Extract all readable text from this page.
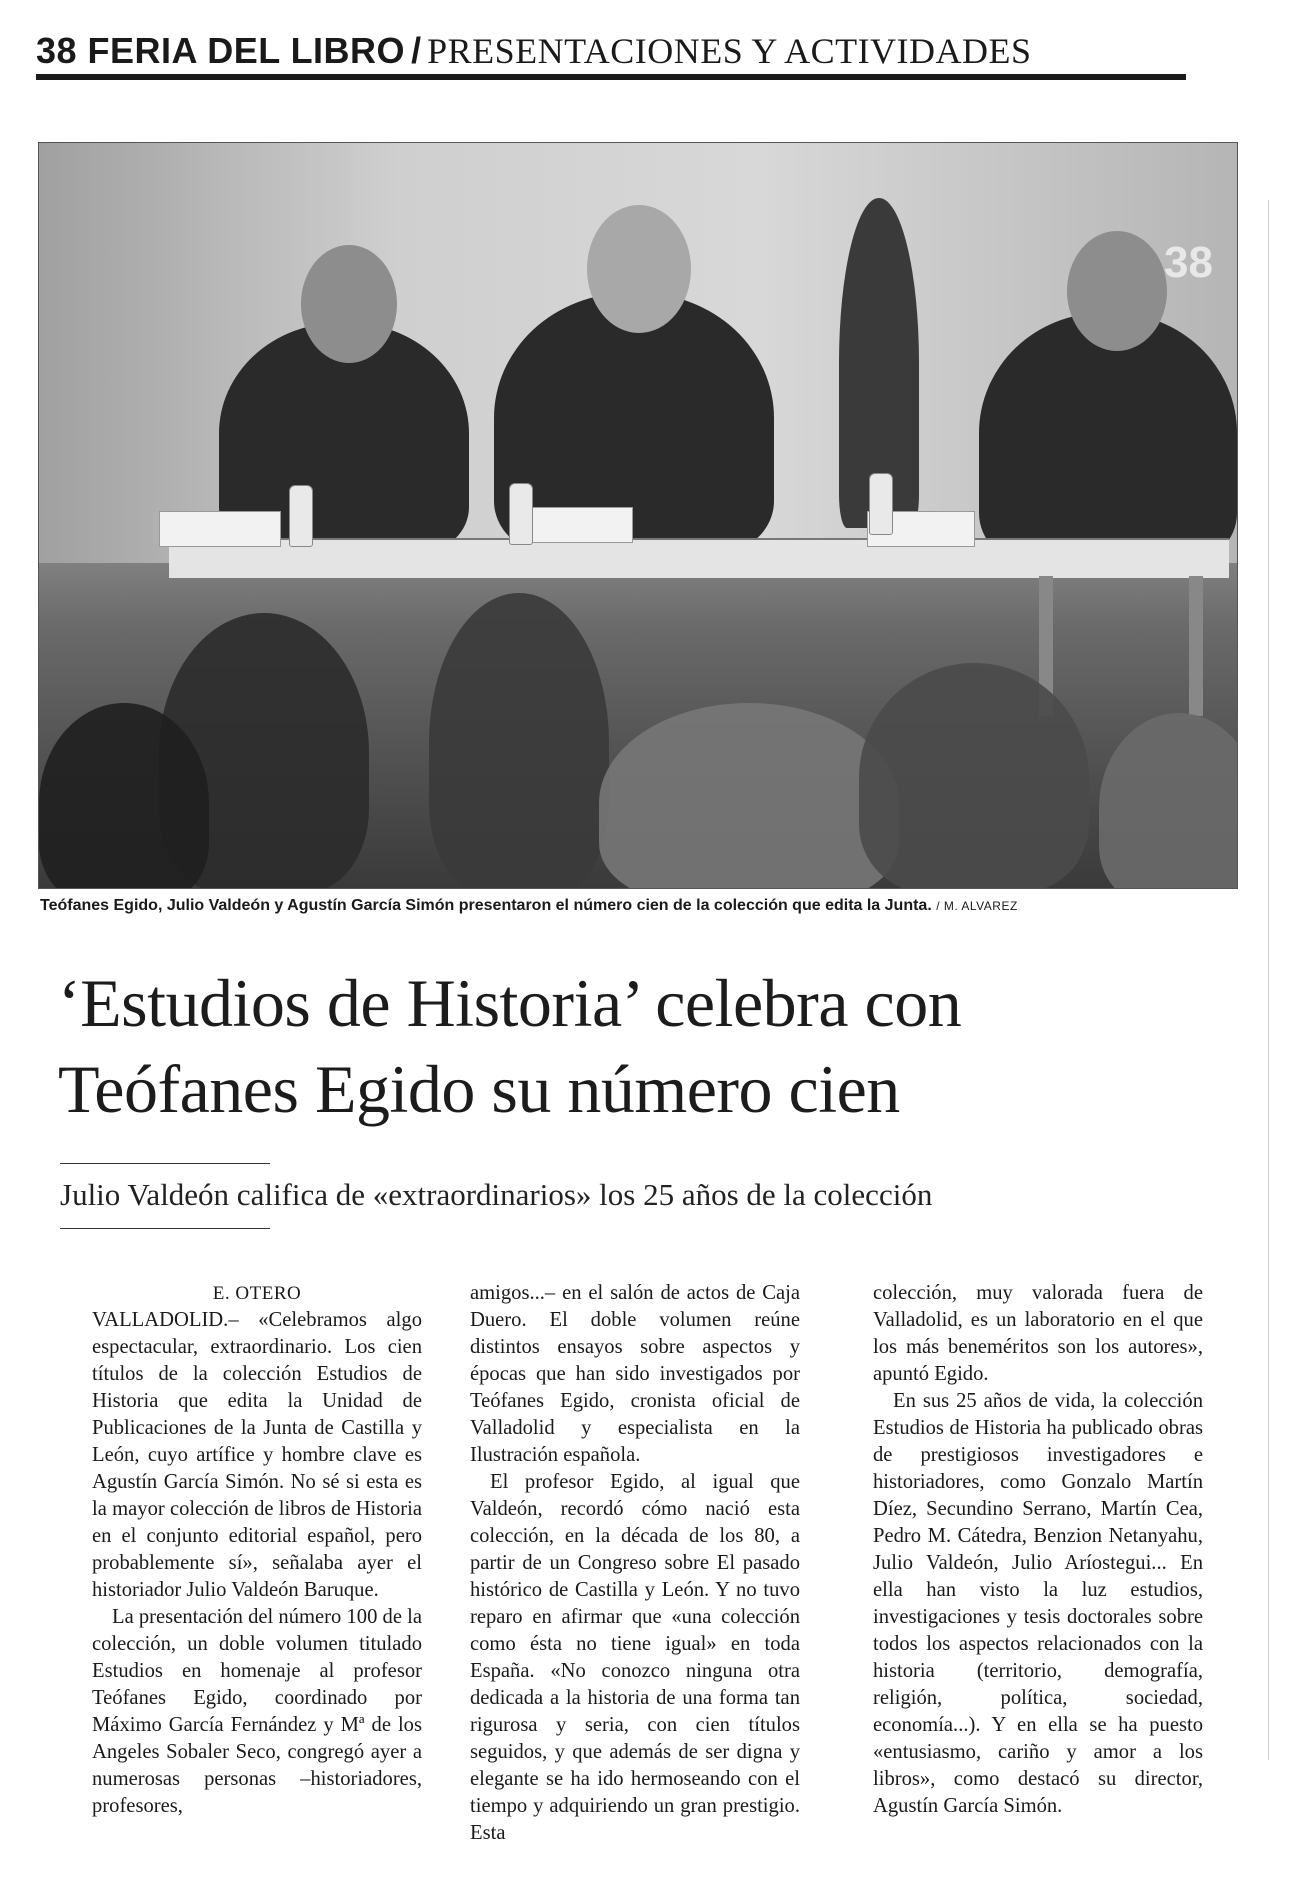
38 FERIA DEL LIBRO / PRESENTACIONES Y ACTIVIDADES
38
Teófanes Egido, Julio Valdeón y Agustín García Simón presentaron el número cien de la colección que edita la Junta. / M. ALVAREZ
‘Estudios de Historia’ celebra con
Teófanes Egido su número cien
Julio Valdeón califica de «extraordinarios» los 25 años de la colección

E. OTERO

VALLADOLID.– «Celebramos algo espectacular, extraordinario. Los cien títulos de la colección Estudios de Historia que edita la Unidad de Publicaciones de la Junta de Castilla y León, cuyo artífice y hombre clave es Agustín García Simón. No sé si esta es la mayor colección de libros de Historia en el conjunto editorial español, pero probablemente sí», señalaba ayer el historiador Julio Valdeón Baruque.

La presentación del número 100 de la colección, un doble volumen titulado Estudios en homenaje al profesor Teófanes Egido, coordinado por Máximo García Fernández y Mª de los Angeles Sobaler Seco, congregó ayer a numerosas personas –historiadores, profesores,

amigos...– en el salón de actos de Caja Duero. El doble volumen reúne distintos ensayos sobre aspectos y épocas que han sido investigados por Teófanes Egido, cronista oficial de Valladolid y especialista en la Ilustración española.

El profesor Egido, al igual que Valdeón, recordó cómo nació esta colección, en la década de los 80, a partir de un Congreso sobre El pasado histórico de Castilla y León. Y no tuvo reparo en afirmar que «una colección como ésta no tiene igual» en toda España. «No conozco ninguna otra dedicada a la historia de una forma tan rigurosa y seria, con cien títulos seguidos, y que además de ser digna y elegante se ha ido hermoseando con el tiempo y adquiriendo un gran prestigio. Esta

colección, muy valorada fuera de Valladolid, es un laboratorio en el que los más beneméritos son los autores», apuntó Egido.

En sus 25 años de vida, la colección Estudios de Historia ha publicado obras de prestigiosos investigadores e historiadores, como Gonzalo Martín Díez, Secundino Serrano, Martín Cea, Pedro M. Cátedra, Benzion Netanyahu, Julio Valdeón, Julio Aríostegui... En ella han visto la luz estudios, investigaciones y tesis doctorales sobre todos los aspectos relacionados con la historia (territorio, demografía, religión, política, sociedad, economía...). Y en ella se ha puesto «entusiasmo, cariño y amor a los libros», como destacó su director, Agustín García Simón.
